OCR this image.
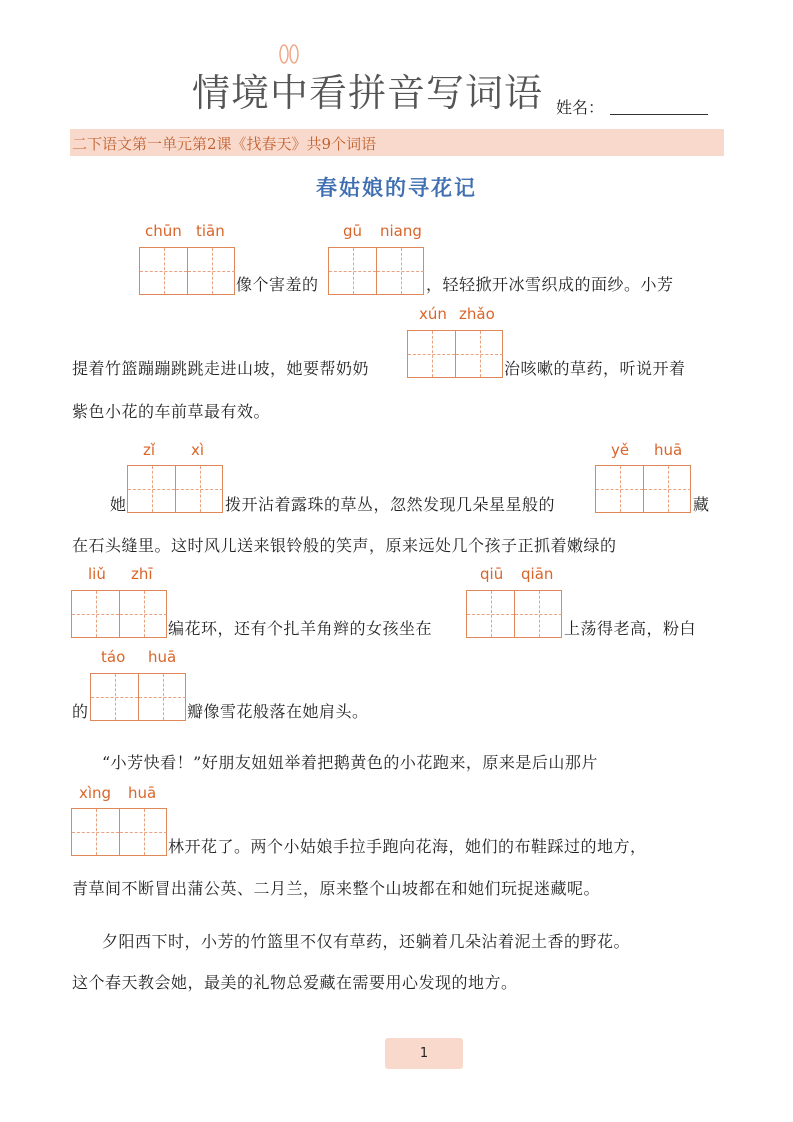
情境中看拼音写词语 姓名：
二下语文第一单元第2课《找春天》共9个词语
春姑娘的寻花记
chūn tiān
像个害羞的
gū niang
，轻轻掀开冰雪织成的面纱。小芳
xún zhǎo
提着竹篮蹦蹦跳跳走进山坡，她要帮奶奶	治咳嗽的草药，听说开着
紫色小花的车前草最有效。
zǐ xì
她	拨开沾着露珠的草丛，忽然发现几朵星星般的
yě huā
藏
在石头缝里。这时风儿送来银铃般的笑声，原来远处几个孩子正抓着嫩绿的
liǔ zhī
编花环，还有个扎羊角辫的女孩坐在
qiū qiān
上荡得老高，粉白
táo huā
的	瓣像雪花般落在她肩头。
“小芳快看！”好朋友妞妞举着把鹅黄色的小花跑来，原来是后山那片
xìng huā
林开花了。两个小姑娘手拉手跑向花海，她们的布鞋踩过的地方，
青草间不断冒出蒲公英、二月兰，原来整个山坡都在和她们玩捉迷藏呢。
夕阳西下时，小芳的竹篮里不仅有草药，还躺着几朵沾着泥土香的野花。
这个春天教会她，最美的礼物总爱藏在需要用心发现的地方。
1
